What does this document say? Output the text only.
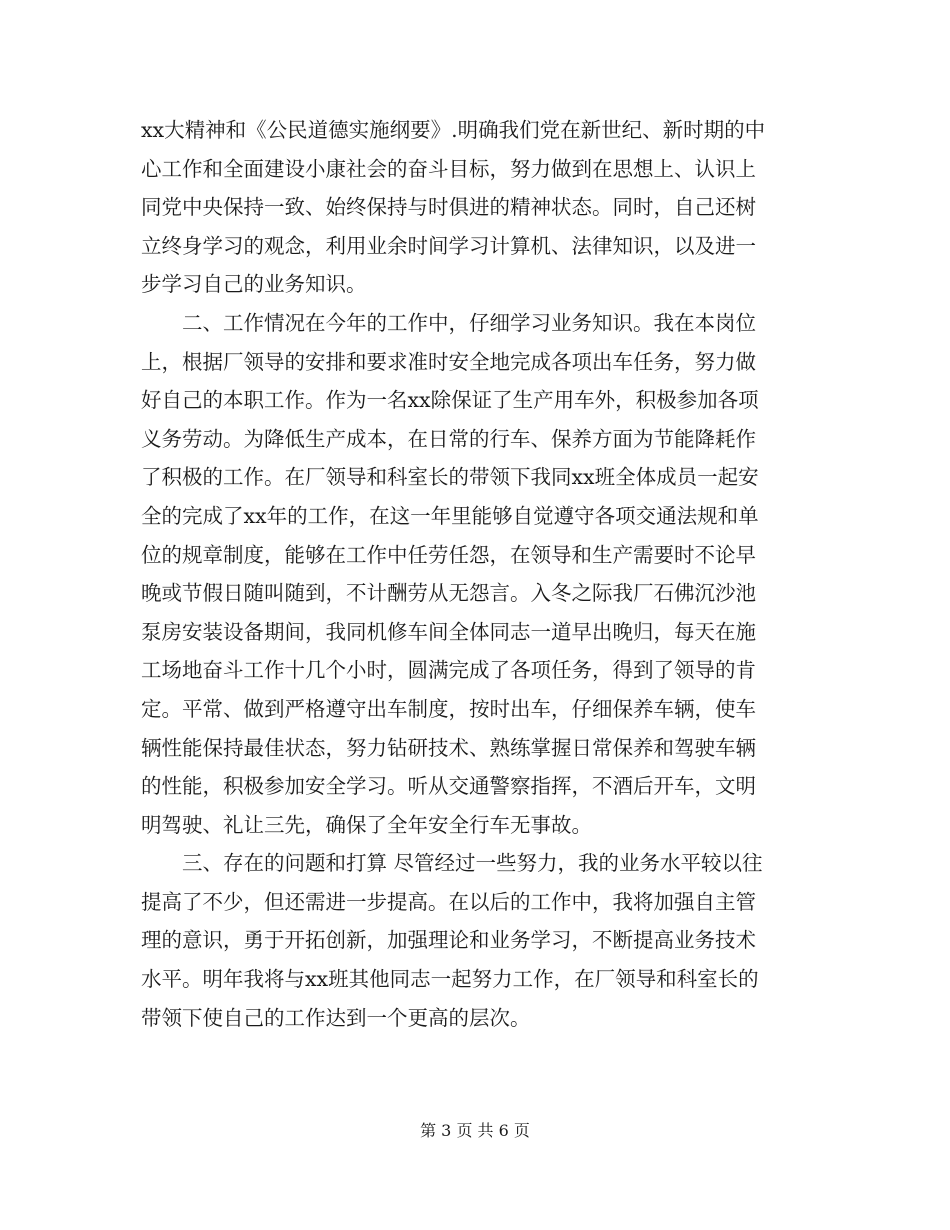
xx大精神和《公民道德实施纲要》.明确我们党在新世纪、新时期的中
心工作和全面建设小康社会的奋斗目标，努力做到在思想上、认识上
同党中央保持一致、始终保持与时俱进的精神状态。同时，自己还树
立终身学习的观念，利用业余时间学习计算机、法律知识，以及进一
步学习自己的业务知识。
　　二、工作情况在今年的工作中，仔细学习业务知识。我在本岗位
上，根据厂领导的安排和要求准时安全地完成各项出车任务，努力做
好自己的本职工作。作为一名xx除保证了生产用车外，积极参加各项
义务劳动。为降低生产成本，在日常的行车、保养方面为节能降耗作
了积极的工作。在厂领导和科室长的带领下我同xx班全体成员一起安
全的完成了xx年的工作，在这一年里能够自觉遵守各项交通法规和单
位的规章制度，能够在工作中任劳任怨，在领导和生产需要时不论早
晚或节假日随叫随到，不计酬劳从无怨言。入冬之际我厂石佛沉沙池
泵房安装设备期间，我同机修车间全体同志一道早出晚归，每天在施
工场地奋斗工作十几个小时，圆满完成了各项任务，得到了领导的肯
定。平常、做到严格遵守出车制度，按时出车，仔细保养车辆，使车
辆性能保持最佳状态，努力钻研技术、熟练掌握日常保养和驾驶车辆
的性能，积极参加安全学习。听从交通警察指挥，不酒后开车，文明
明驾驶、礼让三先，确保了全年安全行车无事故。
　　三、存在的问题和打算 尽管经过一些努力，我的业务水平较以往
提高了不少，但还需进一步提高。在以后的工作中，我将加强自主管
理的意识，勇于开拓创新，加强理论和业务学习，不断提高业务技术
水平。明年我将与xx班其他同志一起努力工作，在厂领导和科室长的
带领下使自己的工作达到一个更高的层次。
第 3 页 共 6 页
